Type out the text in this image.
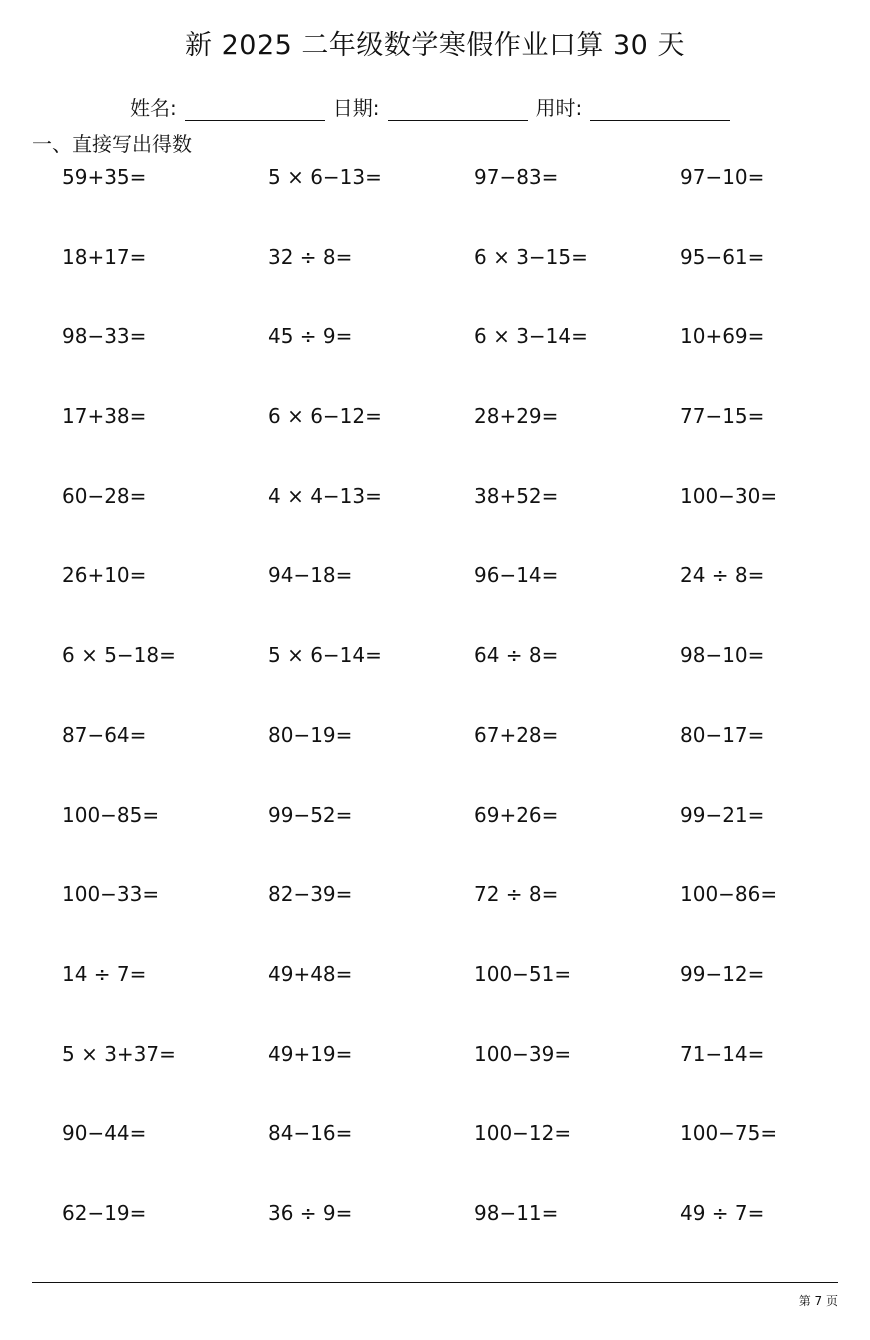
新 2025 二年级数学寒假作业口算 30 天
姓名:	日期:	用时:
一、直接写出得数
59+35=	5 × 6−13=	97−83=	97−10=
18+17=	32 ÷ 8=	6 × 3−15=	95−61=
98−33=	45 ÷ 9=	6 × 3−14=	10+69=
17+38=	6 × 6−12=	28+29=	77−15=
60−28=	4 × 4−13=	38+52=	100−30=
26+10=	94−18=	96−14=	24 ÷ 8=
6 × 5−18=	5 × 6−14=	64 ÷ 8=	98−10=
87−64=	80−19=	67+28=	80−17=
100−85=	99−52=	69+26=	99−21=
100−33=	82−39=	72 ÷ 8=	100−86=
14 ÷ 7=	49+48=	100−51=	99−12=
5 × 3+37=	49+19=	100−39=	71−14=
90−44=	84−16=	100−12=	100−75=
62−19=	36 ÷ 9=	98−11=	49 ÷ 7=
第 7 页
